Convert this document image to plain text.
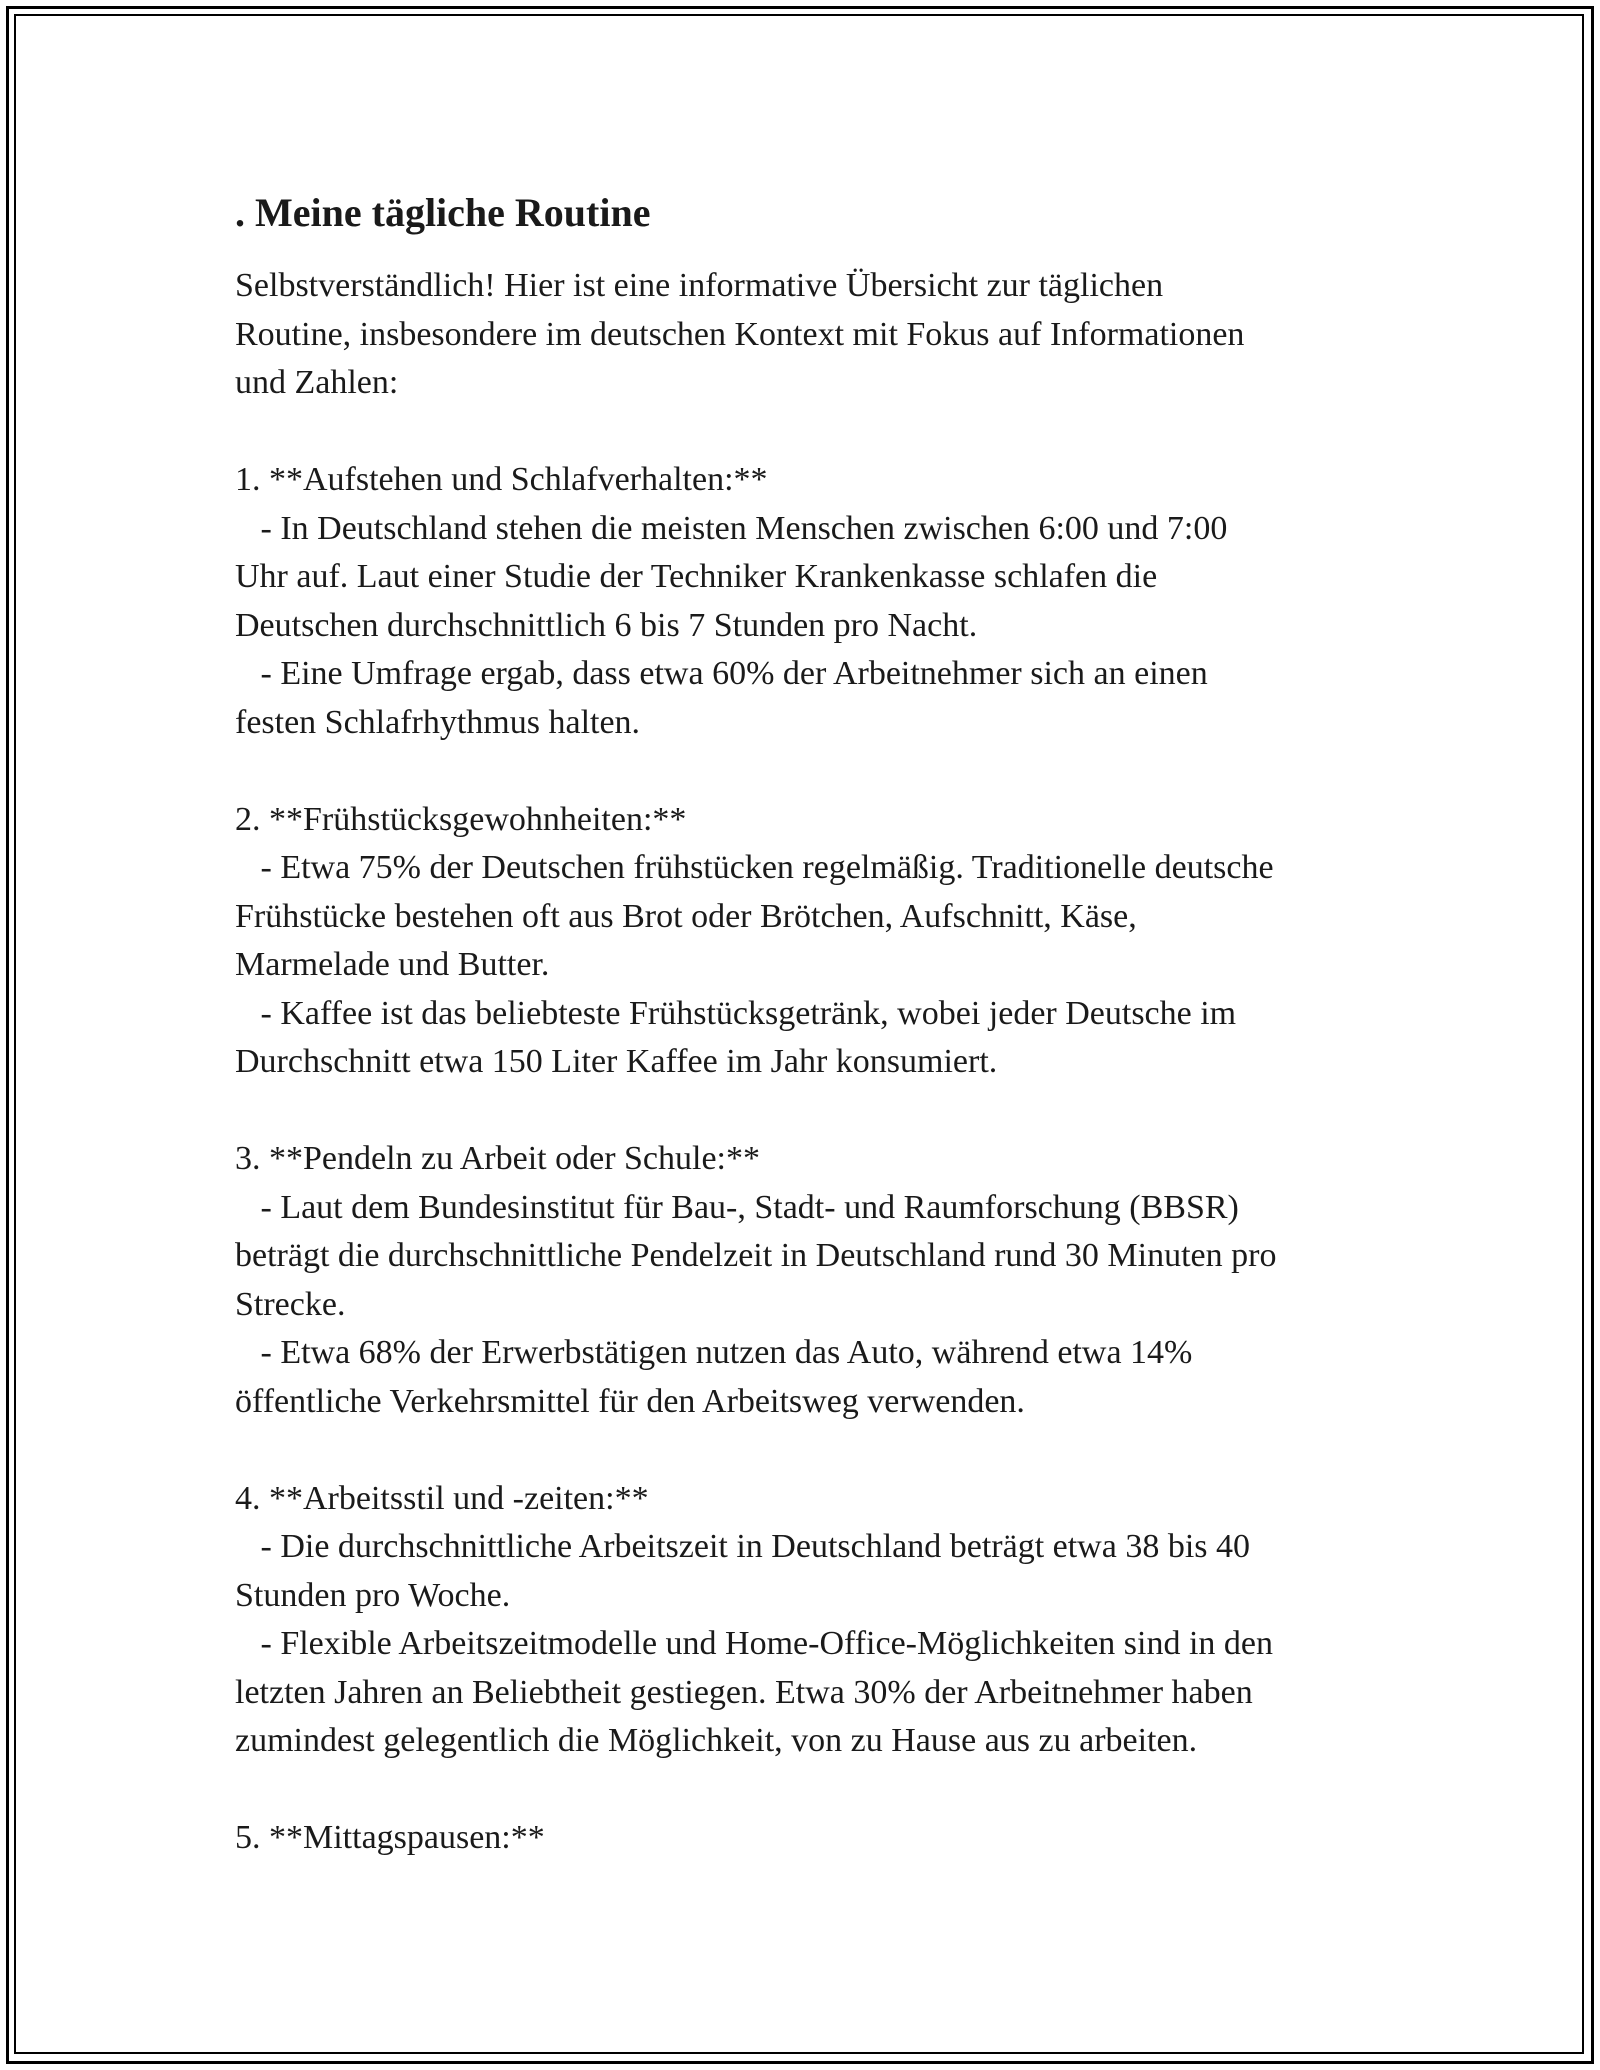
. Meine tägliche Routine
Selbstverständlich! Hier ist eine informative Übersicht zur täglichen
Routine, insbesondere im deutschen Kontext mit Fokus auf Informationen
und Zahlen:
1. **Aufstehen und Schlafverhalten:**
- In Deutschland stehen die meisten Menschen zwischen 6:00 und 7:00
Uhr auf. Laut einer Studie der Techniker Krankenkasse schlafen die
Deutschen durchschnittlich 6 bis 7 Stunden pro Nacht.
- Eine Umfrage ergab, dass etwa 60% der Arbeitnehmer sich an einen
festen Schlafrhythmus halten.
2. **Frühstücksgewohnheiten:**
- Etwa 75% der Deutschen frühstücken regelmäßig. Traditionelle deutsche
Frühstücke bestehen oft aus Brot oder Brötchen, Aufschnitt, Käse,
Marmelade und Butter.
- Kaffee ist das beliebteste Frühstücksgetränk, wobei jeder Deutsche im
Durchschnitt etwa 150 Liter Kaffee im Jahr konsumiert.
3. **Pendeln zu Arbeit oder Schule:**
- Laut dem Bundesinstitut für Bau-, Stadt- und Raumforschung (BBSR)
beträgt die durchschnittliche Pendelzeit in Deutschland rund 30 Minuten pro
Strecke.
- Etwa 68% der Erwerbstätigen nutzen das Auto, während etwa 14%
öffentliche Verkehrsmittel für den Arbeitsweg verwenden.
4. **Arbeitsstil und -zeiten:**
- Die durchschnittliche Arbeitszeit in Deutschland beträgt etwa 38 bis 40
Stunden pro Woche.
- Flexible Arbeitszeitmodelle und Home-Office-Möglichkeiten sind in den
letzten Jahren an Beliebtheit gestiegen. Etwa 30% der Arbeitnehmer haben
zumindest gelegentlich die Möglichkeit, von zu Hause aus zu arbeiten.
5. **Mittagspausen:**
